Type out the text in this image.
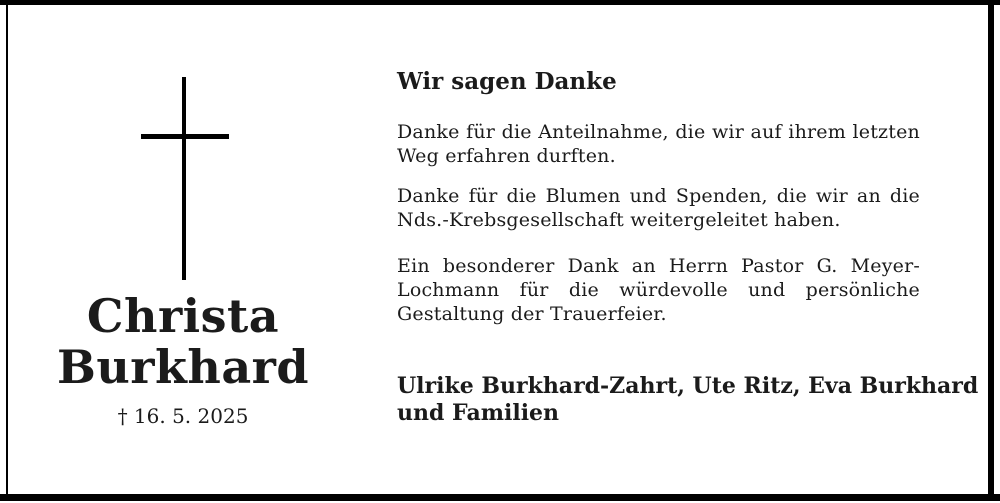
Christa
Burkhard
† 16. 5. 2025
Wir sagen Danke
Danke für die Anteilnahme, die wir auf ihrem letzten
Weg erfahren durften.
Danke für die Blumen und Spenden, die wir an die
Nds.-Krebsgesellschaft weitergeleitet haben.
Ein besonderer Dank an Herrn Pastor G. Meyer-
Lochmann für die würdevolle und persönliche
Gestaltung der Trauerfeier.
Ulrike Burkhard-Zahrt, Ute Ritz, Eva Burkhard
und Familien
